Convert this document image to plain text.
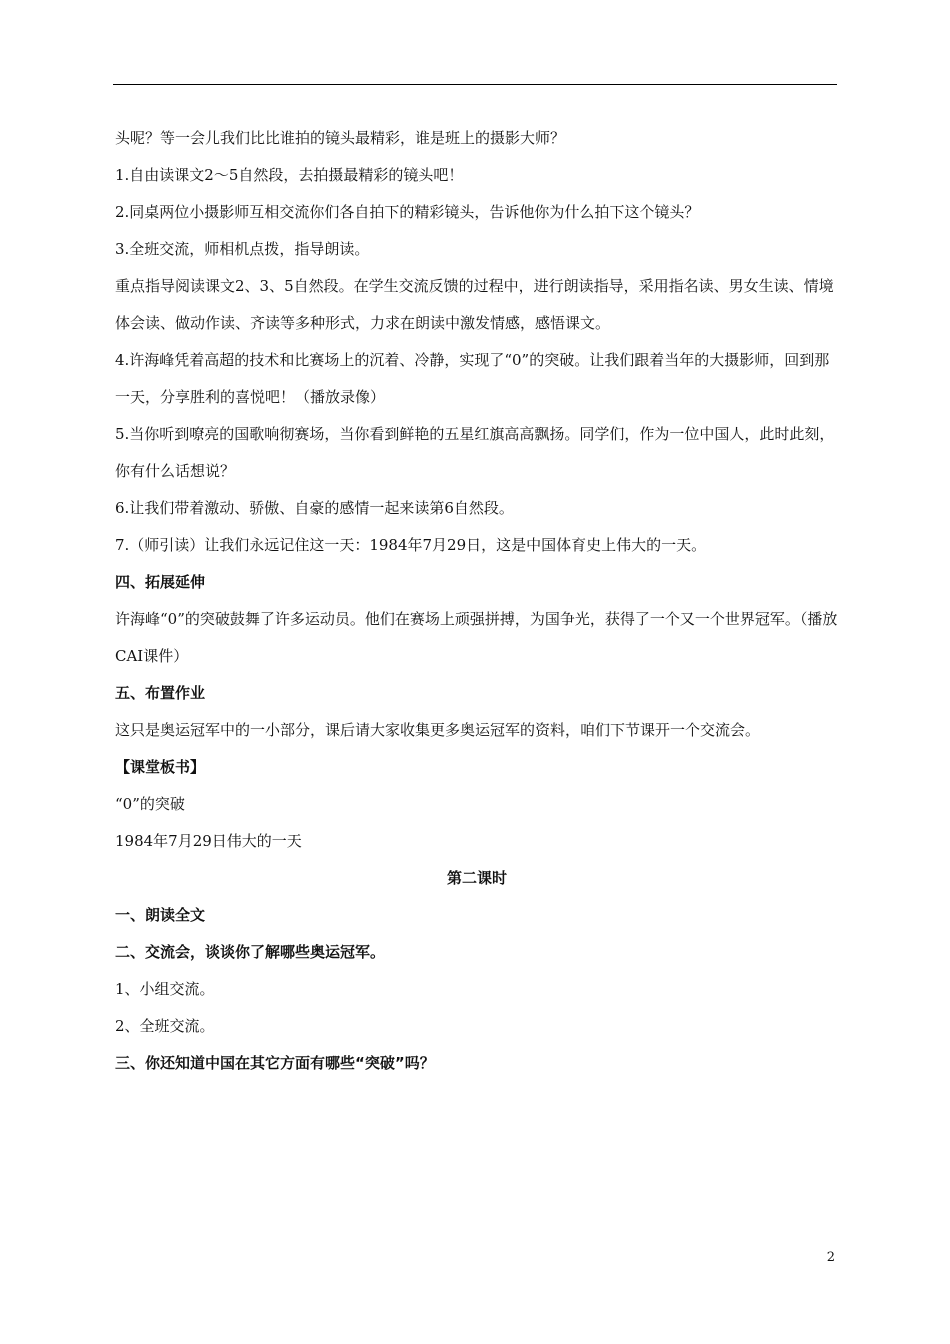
头呢？等一会儿我们比比谁拍的镜头最精彩，谁是班上的摄影大师？

1.自由读课文2～5自然段，去拍摄最精彩的镜头吧！

2.同桌两位小摄影师互相交流你们各自拍下的精彩镜头，告诉他你为什么拍下这个镜头？

3.全班交流，师相机点拨，指导朗读。

重点指导阅读课文2、3、5自然段。在学生交流反馈的过程中，进行朗读指导，采用指名读、男女生读、情境体会读、做动作读、齐读等多种形式，力求在朗读中激发情感，感悟课文。

4.许海峰凭着高超的技术和比赛场上的沉着、冷静，实现了“0”的突破。让我们跟着当年的大摄影师，回到那一天，分享胜利的喜悦吧！（播放录像）

5.当你听到嘹亮的国歌响彻赛场，当你看到鲜艳的五星红旗高高飘扬。同学们，作为一位中国人，此时此刻，你有什么话想说？

6.让我们带着激动、骄傲、自豪的感情一起来读第6自然段。

7.（师引读）让我们永远记住这一天：1984年7月29日，这是中国体育史上伟大的一天。

四、拓展延伸

许海峰“0”的突破鼓舞了许多运动员。他们在赛场上顽强拼搏，为国争光，获得了一个又一个世界冠军。（播放CAI课件）

五、布置作业

这只是奥运冠军中的一小部分，课后请大家收集更多奥运冠军的资料，咱们下节课开一个交流会。

【课堂板书】

“0”的突破

1984年7月29日伟大的一天

第二课时

一、朗读全文

二、交流会，谈谈你了解哪些奥运冠军。

1、小组交流。

2、全班交流。

三、你还知道中国在其它方面有哪些“突破”吗？

2
